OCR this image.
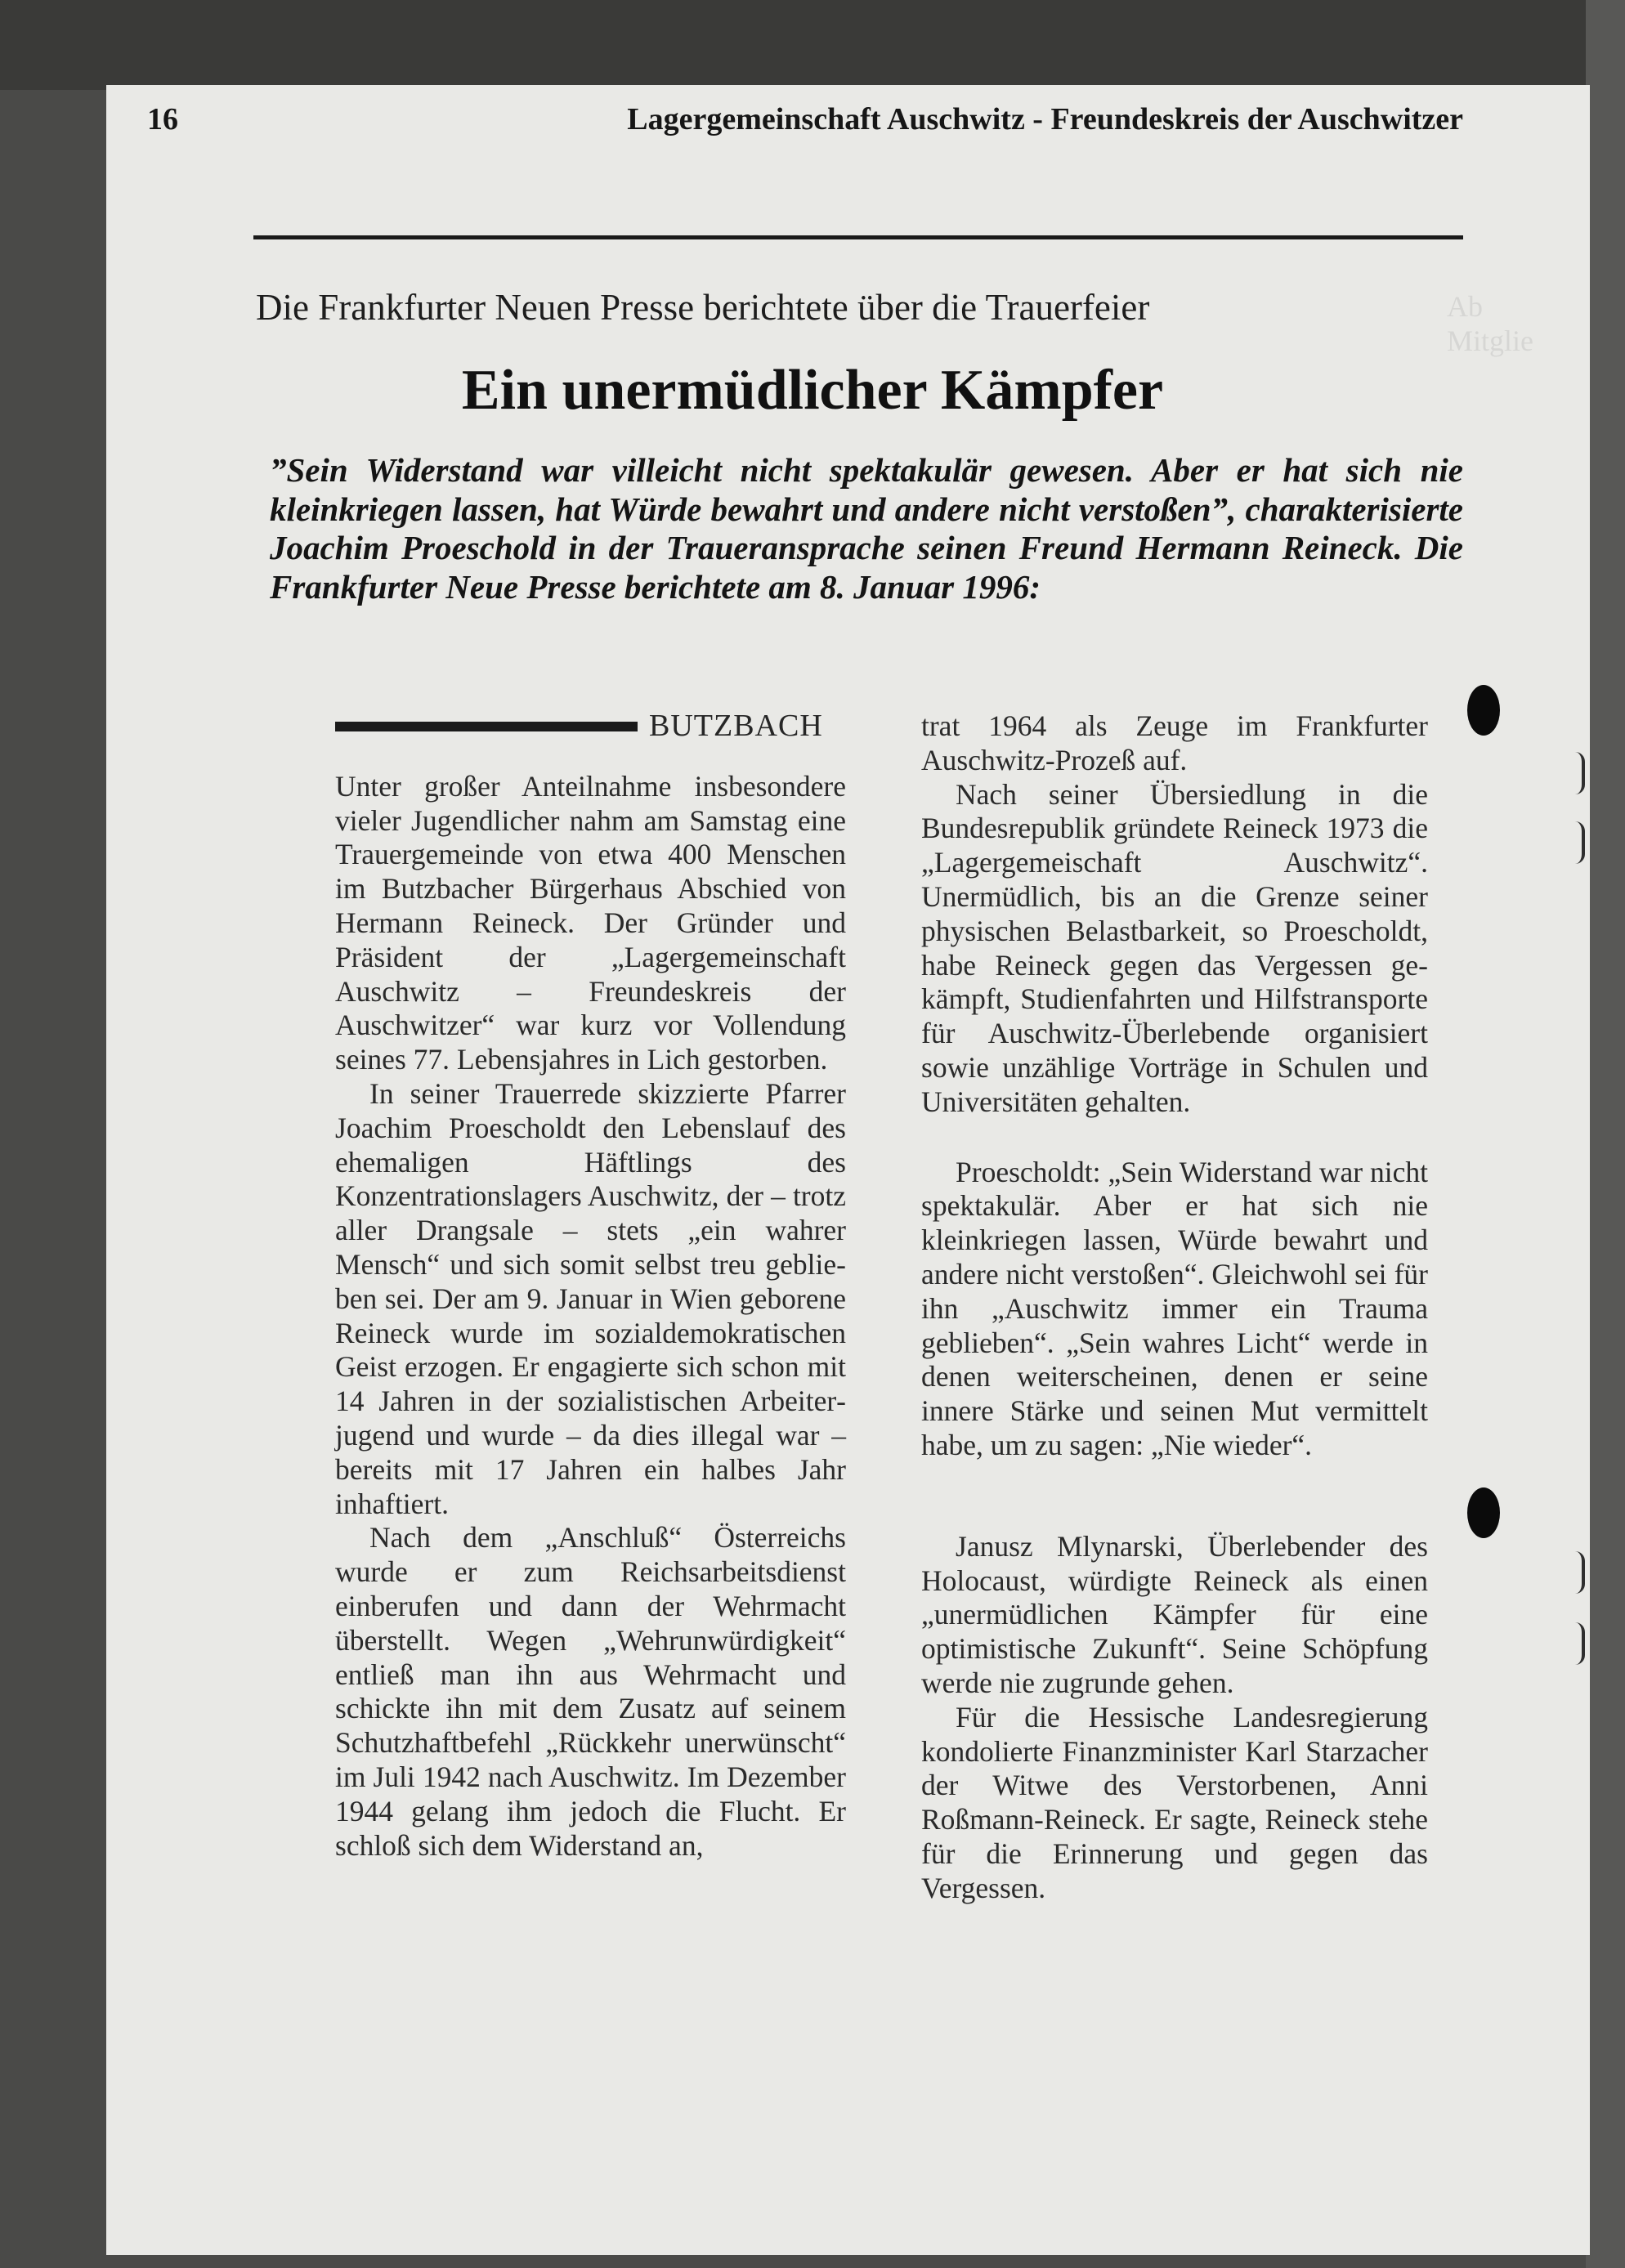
Ab
Mitglie
16	Lagergemeinschaft Auschwitz - Freundeskreis der Auschwitzer
Die Frankfurter Neuen Presse berichtete über die Trauerfeier
Ein unermüdlicher Kämpfer
”Sein Widerstand war villeicht nicht spektakulär gewesen. Aber er hat sich nie kleinkriegen lassen, hat Würde bewahrt und andere nicht verstoßen”, charakterisierte Joachim Proeschold in der Traueransprache seinen Freund Hermann Reineck. Die Frankfurter Neue Presse berichtete am 8. Januar 1996:
BUTZBACH

Unter großer Anteilnahme insbesondere vieler Jugendlicher nahm am Samstag eine Trauergemeinde von etwa 400 Menschen im Butzbacher Bürgerhaus Abschied von Hermann Reineck. Der Gründer und Präsident der „Lagergemeinschaft Auschwitz – Freundeskreis der Auschwitzer“ war kurz vor Vollendung seines 77. Lebensjahres in Lich gestorben.

In seiner Trauerrede skizzierte Pfarrer Joachim Proescholdt den Lebenslauf des ehemaligen Häftlings des Konzentrationslagers Auschwitz, der – trotz aller Drangsale – stets „ein wahrer Mensch“ und sich somit selbst treu geblieben sei. Der am 9. Januar in Wien geborene Reineck wurde im sozialdemokratischen Geist erzogen. Er engagierte sich schon mit 14 Jahren in der sozialistischen Arbeiterjugend und wurde – da dies illegal war – bereits mit 17 Jahren ein halbes Jahr inhaftiert.

Nach dem „Anschluß“ Österreichs wurde er zum Reichsarbeitsdienst einberufen und dann der Wehrmacht überstellt. Wegen „Wehrunwürdigkeit“ entließ man ihn aus Wehrmacht und schickte ihn mit dem Zusatz auf seinem Schutzhaftbefehl „Rückkehr unerwünscht“ im Juli 1942 nach Auschwitz. Im Dezember 1944 gelang ihm jedoch die Flucht. Er schloß sich dem Widerstand an,

trat 1964 als Zeuge im Frankfurter Auschwitz-Prozeß auf.

Nach seiner Übersiedlung in die Bundesrepublik gründete Reineck 1973 die „Lagergemeischaft Auschwitz“. Unermüdlich, bis an die Grenze seiner physischen Belastbarkeit, so Proescholdt, habe Reineck gegen das Vergessen gekämpft, Studienfahrten und Hilfstransporte für Auschwitz-Überlebende organisiert sowie unzählige Vorträge in Schulen und Universitäten gehalten.

Proescholdt: „Sein Widerstand war nicht spektakulär. Aber er hat sich nie kleinkriegen lassen, Würde bewahrt und andere nicht verstoßen“. Gleichwohl sei für ihn „Auschwitz immer ein Trauma geblieben“. „Sein wahres Licht“ werde in denen weiterscheinen, denen er seine innere Stärke und seinen Mut vermittelt habe, um zu sagen: „Nie wieder“.

Janusz Mlynarski, Überlebender des Holocaust, würdigte Reineck als einen „unermüdlichen Kämpfer für eine optimistische Zukunft“. Seine Schöpfung werde nie zugrunde gehen.

Für die Hessische Landesregierung kondolierte Finanzminister Karl Starzacher der Witwe des Verstorbenen, Anni Roßmann-Reineck. Er sagte, Reineck stehe für die Erinnerung und gegen das Vergessen.
